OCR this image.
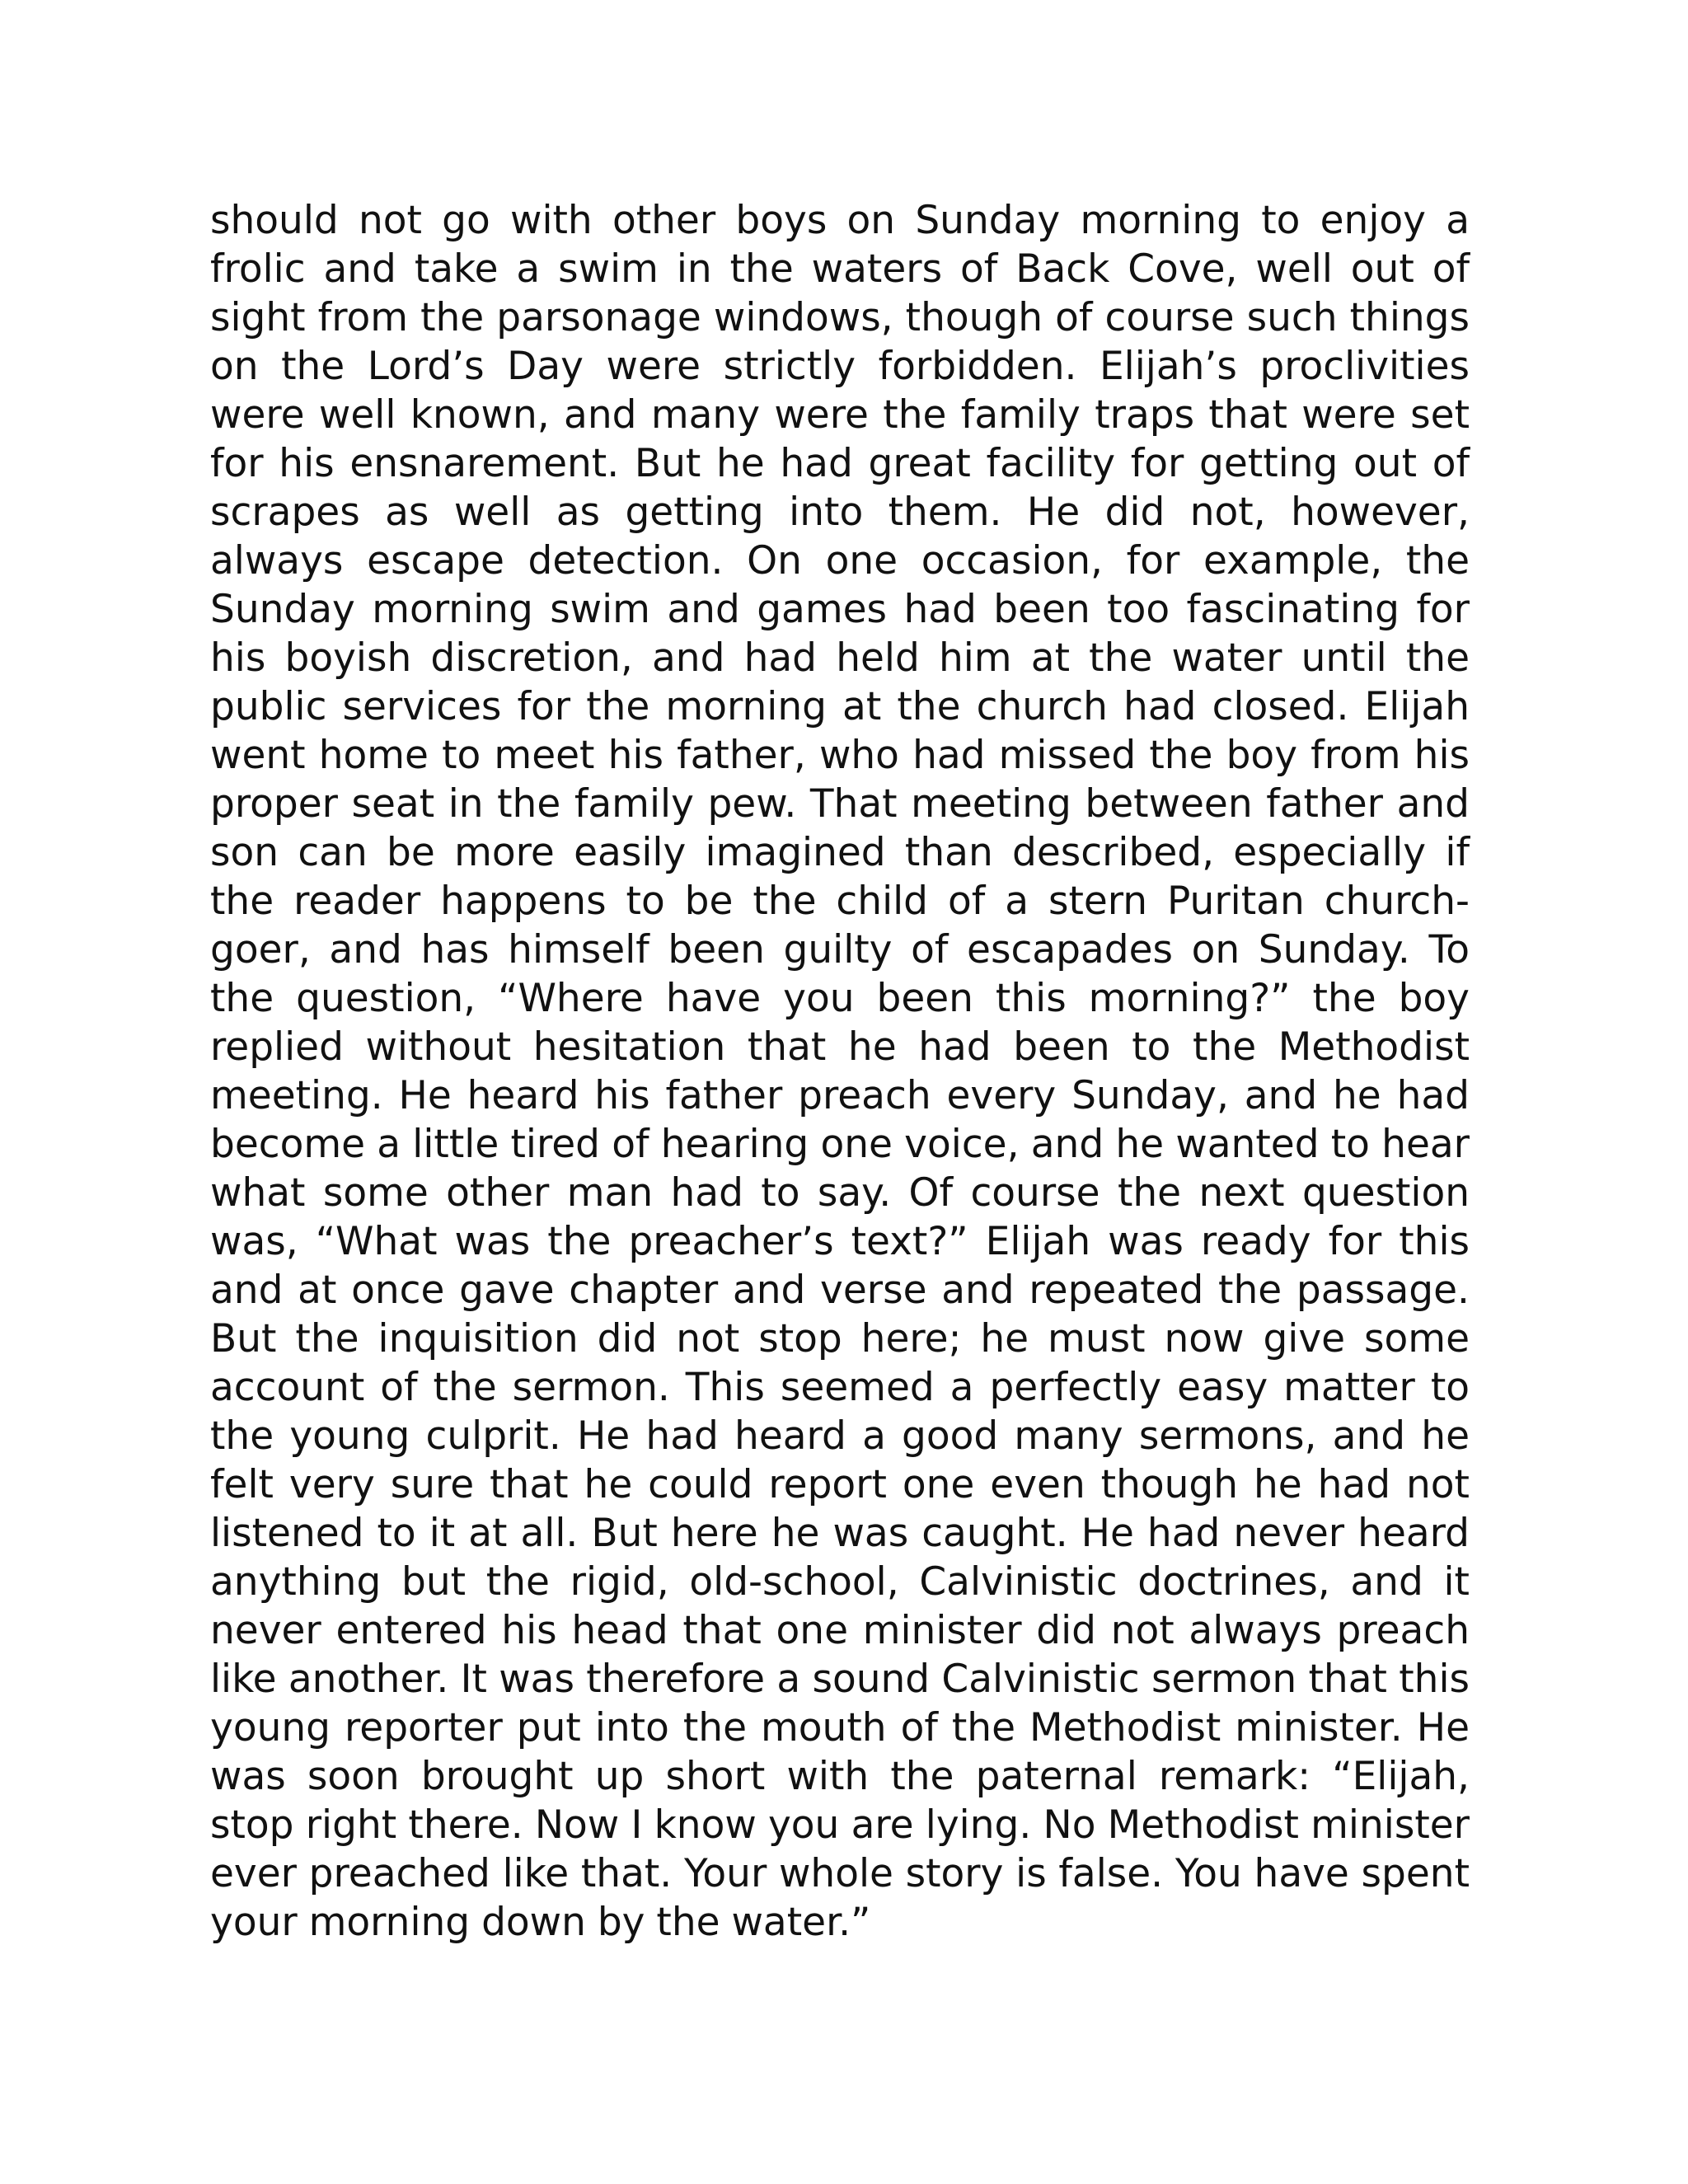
should not go with other boys on Sunday morning to enjoy a frolic and take a swim in the waters of Back Cove, well out of sight from the parsonage windows, though of course such things on the Lord’s Day were strictly forbidden. Elijah’s proclivities were well known, and many were the family traps that were set for his ensnarement. But he had great facility for getting out of scrapes as well as getting into them. He did not, however, always escape detection. On one occasion, for example, the Sunday morning swim and games had been too fascinating for his boyish discretion, and had held him at the water until the public services for the morning at the church had closed. Elijah went home to meet his father, who had missed the boy from his proper seat in the family pew. That meeting between father and son can be more easily imagined than described, especially if the reader happens to be the child of a stern Puritan church-goer, and has himself been guilty of escapades on Sunday. To the question, “Where have you been this morning?” the boy replied without hesitation that he had been to the Methodist meeting. He heard his father preach every Sunday, and he had become a little tired of hearing one voice, and he wanted to hear what some other man had to say. Of course the next question was, “What was the preacher’s text?” Elijah was ready for this and at once gave chapter and verse and repeated the passage. But the inquisition did not stop here; he must now give some account of the sermon. This seemed a perfectly easy matter to the young culprit. He had heard a good many sermons, and he felt very sure that he could report one even though he had not listened to it at all. But here he was caught. He had never heard anything but the rigid, old-school, Calvinistic doctrines, and it never entered his head that one minister did not always preach like another. It was therefore a sound Calvinistic sermon that this young reporter put into the mouth of the Methodist minister. He was soon brought up short with the paternal remark: “Elijah, stop right there. Now I know you are lying. No Methodist minister ever preached like that. Your whole story is false. You have spent your morning down by the water.”
